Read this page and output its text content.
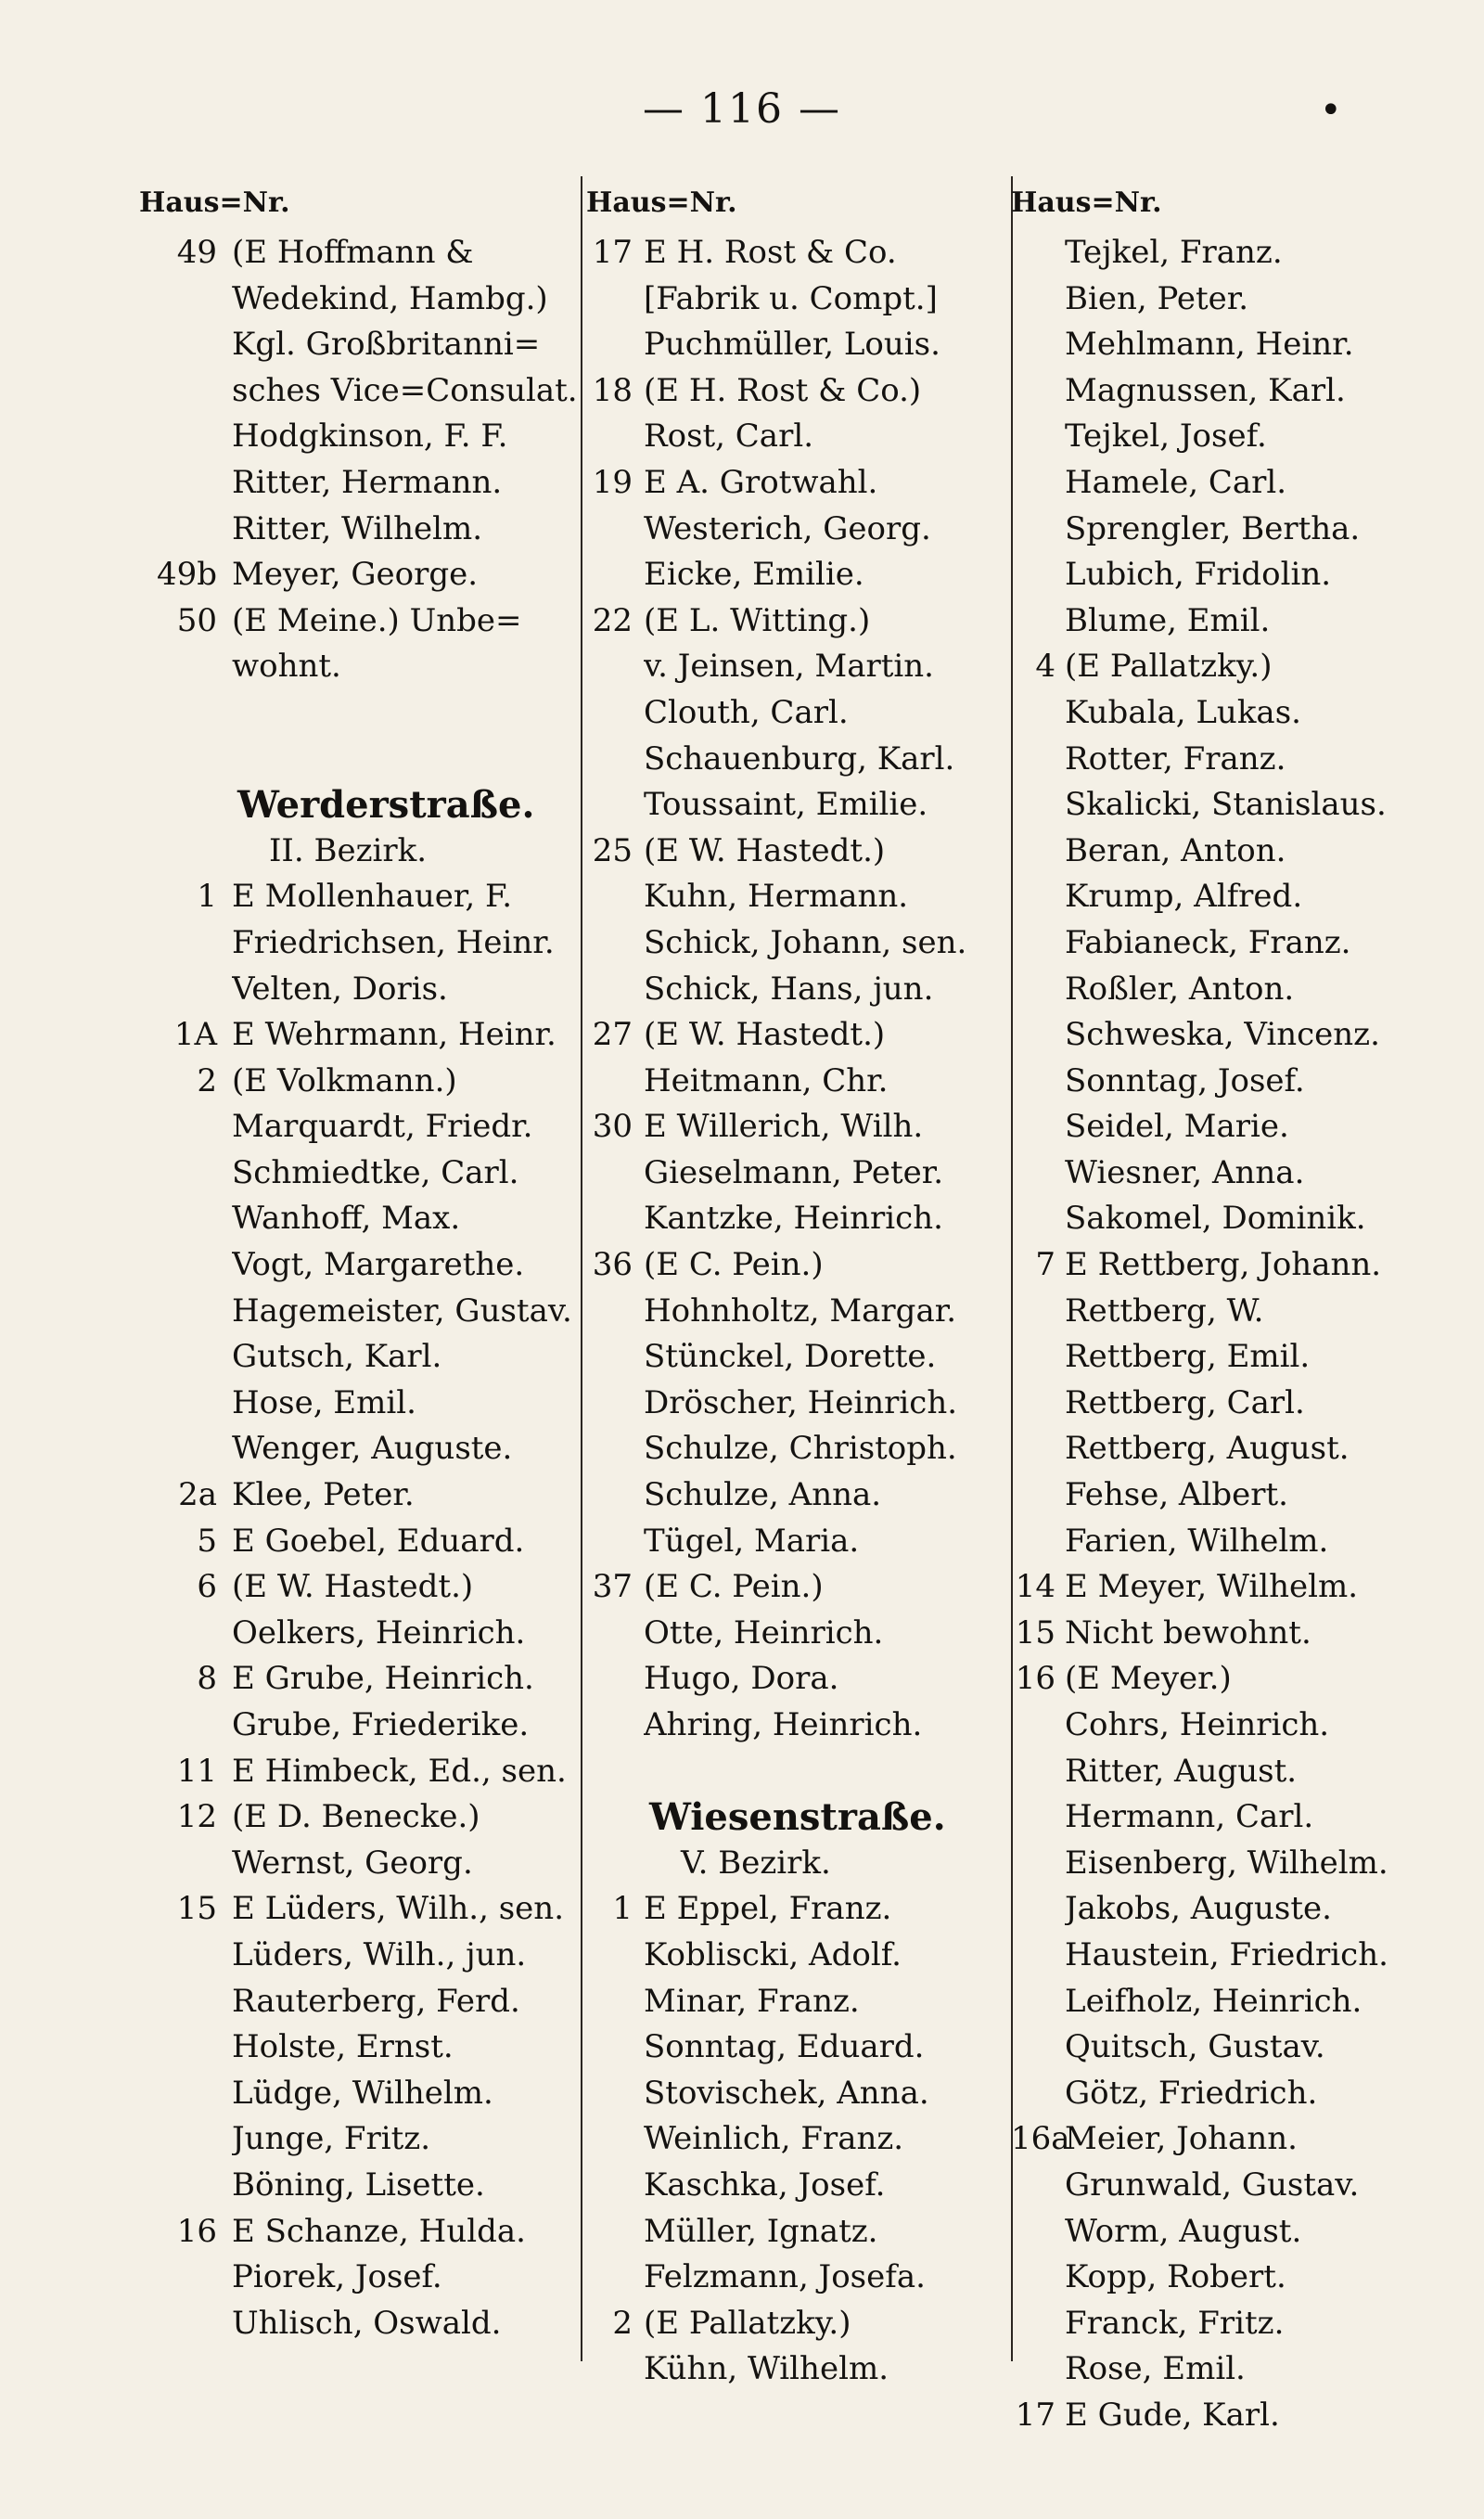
— 116 —	•
Haus=Nr.
49 (E Hoffmann &
Wedekind, Hambg.)
Kgl. Großbritanni=
sches Vice=Consulat.
Hodgkinson, F. F.
Ritter, Hermann.
Ritter, Wilhelm.
49b Meyer, George.
50 (E Meine.) Unbe=
wohnt.
Werderstraße.
II. Bezirk.
1 E Mollenhauer, F.
Friedrichsen, Heinr.
Velten, Doris.
1A E Wehrmann, Heinr.
2 (E Volkmann.)
Marquardt, Friedr.
Schmiedtke, Carl.
Wanhoff, Max.
Vogt, Margarethe.
Hagemeister, Gustav.
Gutsch, Karl.
Hose, Emil.
Wenger, Auguste.
2a Klee, Peter.
5 E Goebel, Eduard.
6 (E W. Hastedt.)
Oelkers, Heinrich.
8 E Grube, Heinrich.
Grube, Friederike.
11 E Himbeck, Ed., sen.
12 (E D. Benecke.)
Wernst, Georg.
15 E Lüders, Wilh., sen.
Lüders, Wilh., jun.
Rauterberg, Ferd.
Holste, Ernst.
Lüdge, Wilhelm.
Junge, Fritz.
Böning, Lisette.
16 E Schanze, Hulda.
Piorek, Josef.
Uhlisch, Oswald.
Haus=Nr.
17 E H. Rost & Co.
[Fabrik u. Compt.]
Puchmüller, Louis.
18 (E H. Rost & Co.)
Rost, Carl.
19 E A. Grotwahl.
Westerich, Georg.
Eicke, Emilie.
22 (E L. Witting.)
v. Jeinsen, Martin.
Clouth, Carl.
Schauenburg, Karl.
Toussaint, Emilie.
25 (E W. Hastedt.)
Kuhn, Hermann.
Schick, Johann, sen.
Schick, Hans, jun.
27 (E W. Hastedt.)
Heitmann, Chr.
30 E Willerich, Wilh.
Gieselmann, Peter.
Kantzke, Heinrich.
36 (E C. Pein.)
Hohnholtz, Margar.
Stünckel, Dorette.
Dröscher, Heinrich.
Schulze, Christoph.
Schulze, Anna.
Tügel, Maria.
37 (E C. Pein.)
Otte, Heinrich.
Hugo, Dora.
Ahring, Heinrich.
Wiesenstraße.
V. Bezirk.
1 E Eppel, Franz.
Kobliscki, Adolf.
Minar, Franz.
Sonntag, Eduard.
Stovischek, Anna.
Weinlich, Franz.
Kaschka, Josef.
Müller, Ignatz.
Felzmann, Josefa.
2 (E Pallatzky.)
Kühn, Wilhelm.
Haus=Nr.
Tejkel, Franz.
Bien, Peter.
Mehlmann, Heinr.
Magnussen, Karl.
Tejkel, Josef.
Hamele, Carl.
Sprengler, Bertha.
Lubich, Fridolin.
Blume, Emil.
4 (E Pallatzky.)
Kubala, Lukas.
Rotter, Franz.
Skalicki, Stanislaus.
Beran, Anton.
Krump, Alfred.
Fabianeck, Franz.
Roßler, Anton.
Schweska, Vincenz.
Sonntag, Josef.
Seidel, Marie.
Wiesner, Anna.
Sakomel, Dominik.
7 E Rettberg, Johann.
Rettberg, W.
Rettberg, Emil.
Rettberg, Carl.
Rettberg, August.
Fehse, Albert.
Farien, Wilhelm.
14 E Meyer, Wilhelm.
15 Nicht bewohnt.
16 (E Meyer.)
Cohrs, Heinrich.
Ritter, August.
Hermann, Carl.
Eisenberg, Wilhelm.
Jakobs, Auguste.
Haustein, Friedrich.
Leifholz, Heinrich.
Quitsch, Gustav.
Götz, Friedrich.
16a
Meier, Johann.
Grunwald, Gustav.
Worm, August.
Kopp, Robert.
Franck, Fritz.
Rose, Emil.
17 E Gude, Karl.
